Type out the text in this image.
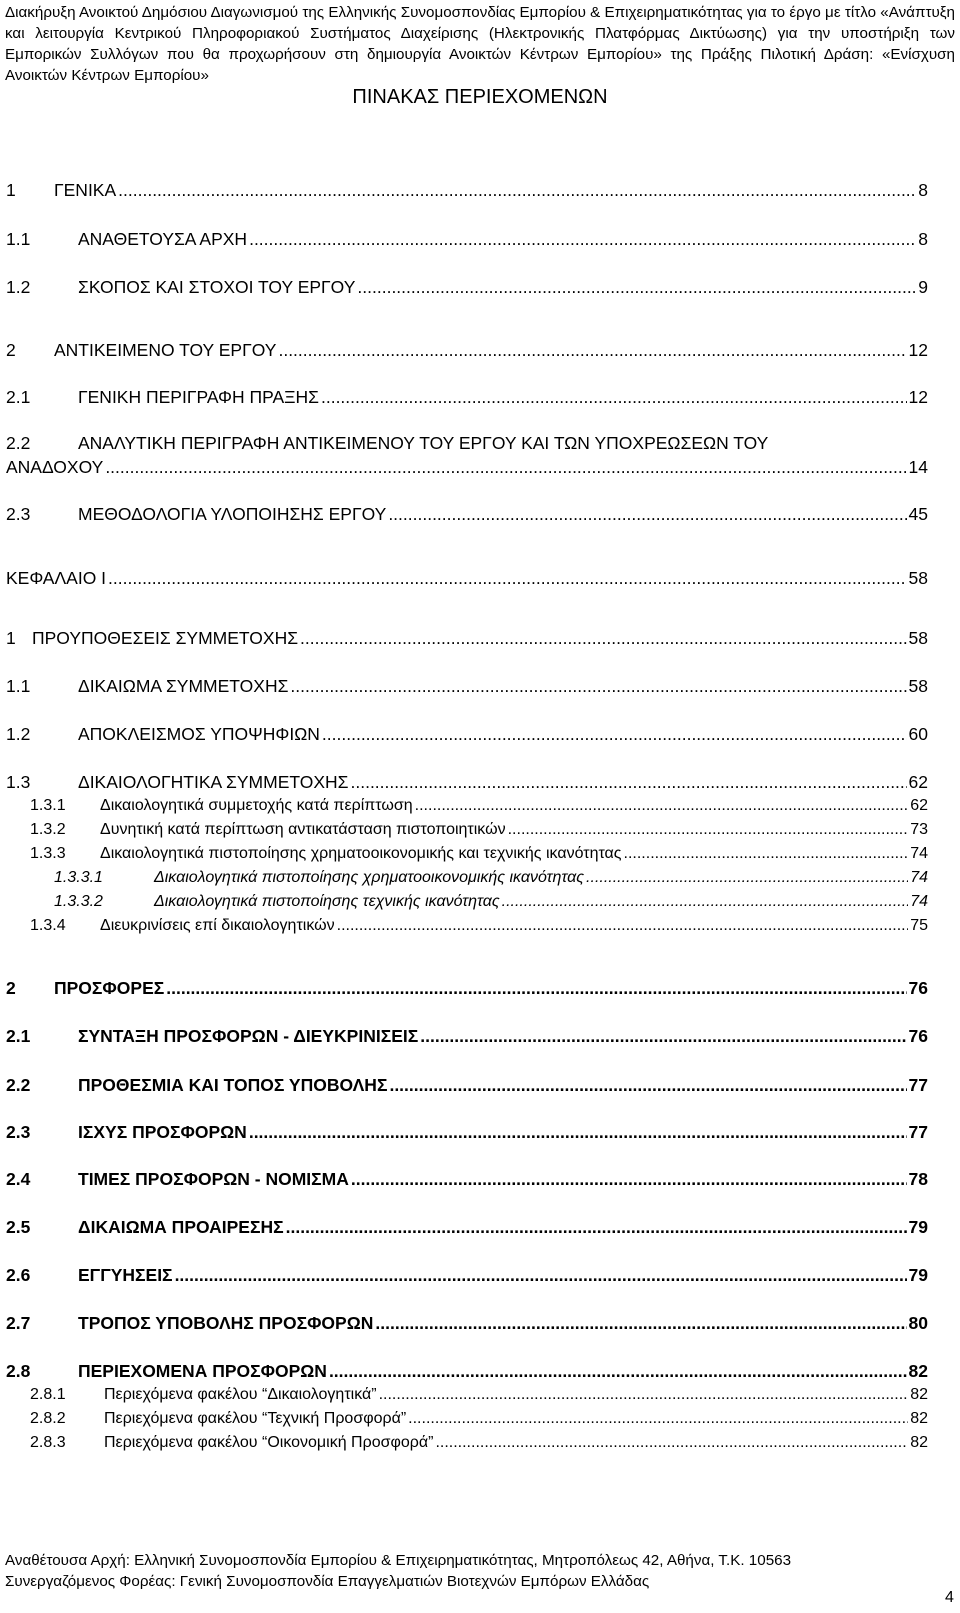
Διακήρυξη Ανοικτού Δημόσιου Διαγωνισμού της Ελληνικής Συνομοσπονδίας Εμπορίου & Επιχειρηματικότητας για το έργο με τίτλο «Ανάπτυξη και λειτουργία Κεντρικού Πληροφοριακού Συστήματος Διαχείρισης (Ηλεκτρονικής Πλατφόρμας Δικτύωσης) για την υποστήριξη των Εμπορικών Συλλόγων που θα προχωρήσουν στη δημιουργία Ανοικτών Κέντρων Εμπορίου» της Πράξης Πιλοτική Δράση: «Ενίσχυση Ανοικτών Κέντρων Εμπορίου»
ΠΙΝΑΚΑΣ ΠΕΡΙΕΧΟΜΕΝΩΝ
1	ΓΕΝΙΚΑ .....	8
1.1	ΑΝΑΘΕΤΟΥΣΑ ΑΡΧΗ .....	8
1.2	ΣΚΟΠΟΣ ΚΑΙ ΣΤΟΧΟΙ ΤΟΥ ΕΡΓΟΥ .....	9
2	ΑΝΤΙΚΕΙΜΕΝΟ ΤΟΥ ΕΡΓΟΥ .....	12
2.1	ΓΕΝΙΚΗ ΠΕΡΙΓΡΑΦΗ ΠΡΑΞΗΣ .....	12
2.2	ΑΝΑΛΥΤΙΚΗ ΠΕΡΙΓΡΑΦΗ ΑΝΤΙΚΕΙΜΕΝΟΥ ΤΟΥ ΕΡΓΟΥ ΚΑΙ ΤΩΝ ΥΠΟΧΡΕΩΣΕΩΝ ΤΟΥ
ΑΝΑΔΟΧΟΥ .....	14
2.3	ΜΕΘΟΔΟΛΟΓΙΑ ΥΛΟΠΟΙΗΣΗΣ ΕΡΓΟΥ .....	45
ΚΕΦΑΛΑΙΟ Ι .....	58
1 ΠΡΟΥΠΟΘΕΣΕΙΣ ΣΥΜΜΕΤΟΧΗΣ .....	58
1.1	ΔΙΚΑΙΩΜΑ ΣΥΜΜΕΤΟΧΗΣ .....	58
1.2	ΑΠΟΚΛΕΙΣΜΟΣ ΥΠΟΨΗΦΙΩΝ .....	60
1.3	ΔΙΚΑΙΟΛΟΓΗΤΙΚΑ ΣΥΜΜΕΤΟΧΗΣ .....	62
1.3.1	Δικαιολογητικά συμμετοχής κατά περίπτωση .....	62
1.3.2	Δυνητική κατά περίπτωση αντικατάσταση πιστοποιητικών .....	73
1.3.3	Δικαιολογητικά πιστοποίησης χρηματοοικονομικής και τεχνικής ικανότητας .....	74
1.3.3.1	Δικαιολογητικά πιστοποίησης χρηματοοικονομικής ικανότητας .....	74
1.3.3.2	Δικαιολογητικά πιστοποίησης τεχνικής ικανότητας .....	74
1.3.4	Διευκρινίσεις επί δικαιολογητικών .....	75
2	ΠΡΟΣΦΟΡΕΣ .....	76
2.1	ΣΥΝΤΑΞΗ ΠΡΟΣΦΟΡΩΝ - ΔΙΕΥΚΡΙΝΙΣΕΙΣ .....	76
2.2	ΠΡΟΘΕΣΜΙΑ ΚΑΙ ΤΟΠΟΣ ΥΠΟΒΟΛΗΣ .....	77
2.3	ΙΣΧΥΣ ΠΡΟΣΦΟΡΩΝ .....	77
2.4	ΤΙΜΕΣ ΠΡΟΣΦΟΡΩΝ - ΝΟΜΙΣΜΑ .....	78
2.5	ΔΙΚΑΙΩΜΑ ΠΡΟΑΙΡΕΣΗΣ .....	79
2.6	ΕΓΓΥΗΣΕΙΣ .....	79
2.7	ΤΡΟΠΟΣ ΥΠΟΒΟΛΗΣ ΠΡΟΣΦΟΡΩΝ .....	80
2.8	ΠΕΡΙΕΧΟΜΕΝΑ ΠΡΟΣΦΟΡΩΝ .....	82
2.8.1	Περιεχόμενα φακέλου “Δικαιολογητικά” .....	82
2.8.2	Περιεχόμενα φακέλου “Τεχνική Προσφορά” .....	82
2.8.3	Περιεχόμενα φακέλου “Οικονομική Προσφορά” .....	82
Αναθέτουσα Αρχή: Ελληνική Συνομοσπονδία Εμπορίου & Επιχειρηματικότητας, Μητροπόλεως 42, Αθήνα, Τ.Κ. 10563
Συνεργαζόμενος Φορέας: Γενική Συνομοσπονδία Επαγγελματιών Βιοτεχνών Εμπόρων Ελλάδας
4
